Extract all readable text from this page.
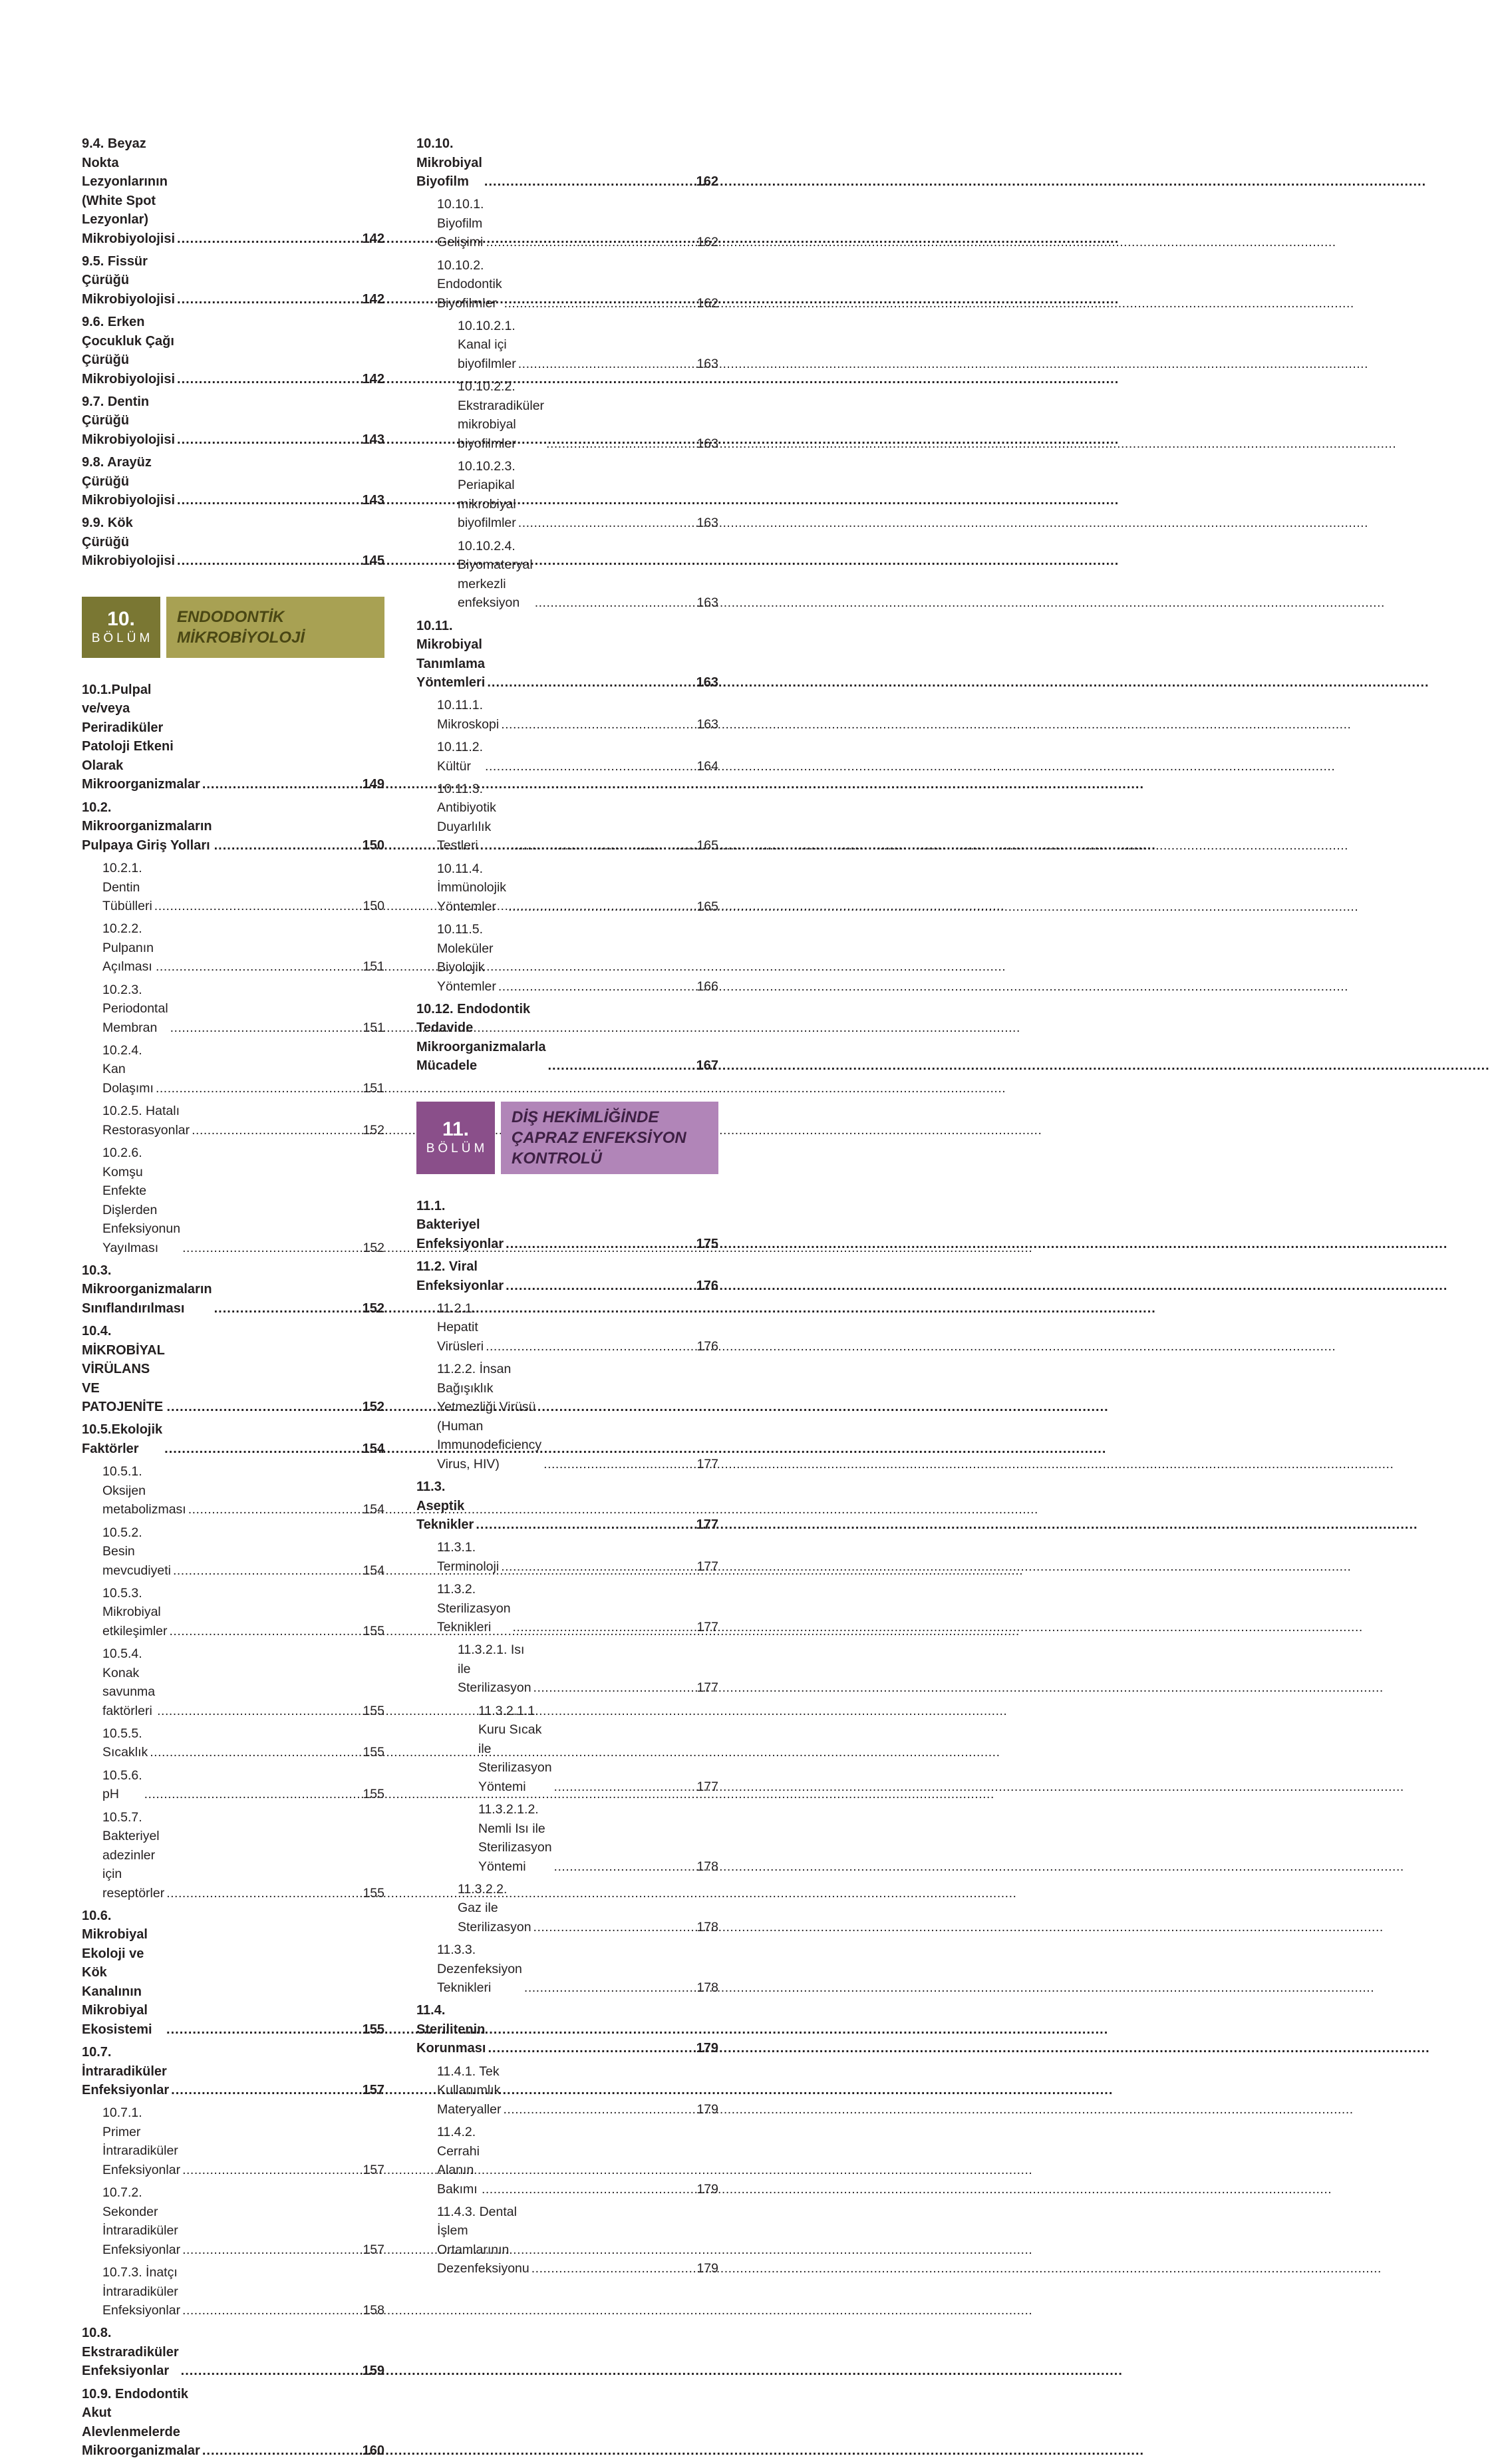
9.4. Beyaz Nokta Lezyonlarının (White Spot Lezyonlar) Mikrobiyolojisi .....	142
9.5. Fissür Çürüğü Mikrobiyolojisi .....	142
9.6. Erken Çocukluk Çağı Çürüğü Mikrobiyolojisi .....	142
9.7. Dentin Çürüğü Mikrobiyolojisi .....	143
9.8. Arayüz Çürüğü Mikrobiyolojisi .....	143
9.9. Kök Çürüğü Mikrobiyolojisi .....	145
10.
BÖLÜM
ENDODONTİK
MİKROBİYOLOJİ
10.1.Pulpal ve/veya Periradiküler Patoloji Etkeni Olarak Mikroorganizmalar .....	149
10.2. Mikroorganizmaların Pulpaya Giriş Yolları .....	150
10.2.1. Dentin Tübülleri .....	150
10.2.2. Pulpanın Açılması .....	151
10.2.3. Periodontal Membran .....	151
10.2.4. Kan Dolaşımı .....	151
10.2.5. Hatalı Restorasyonlar .....	152
10.2.6. Komşu Enfekte Dişlerden Enfeksiyonun Yayılması .....	152
10.3. Mikroorganizmaların Sınıflandırılması .....	152
10.4. MİKROBİYAL VİRÜLANS VE PATOJENİTE .....	152
10.5.Ekolojik Faktörler .....	154
10.5.1. Oksijen metabolizması .....	154
10.5.2. Besin mevcudiyeti .....	154
10.5.3. Mikrobiyal etkileşimler .....	155
10.5.4. Konak savunma faktörleri .....	155
10.5.5. Sıcaklık .....	155
10.5.6. pH .....	155
10.5.7. Bakteriyel adezinler için reseptörler .....	155
10.6. Mikrobiyal Ekoloji ve Kök Kanalının Mikrobiyal Ekosistemi .....	155
10.7. İntraradiküler Enfeksiyonlar .....	157
10.7.1. Primer İntraradiküler Enfeksiyonlar .....	157
10.7.2. Sekonder İntraradiküler Enfeksiyonlar .....	157
10.7.3. İnatçı İntraradiküler Enfeksiyonlar .....	158
10.8. Ekstraradiküler Enfeksiyonlar .....	159
10.9. Endodontik Akut Alevlenmelerde Mikroorganizmalar .....	160
10.10. Mikrobiyal Biyofilm .....	162
10.10.1. Biyofilm Gelişimi .....	162
10.10.2. Endodontik Biyofilmler .....	162
10.10.2.1. Kanal içi biyofilmler .....	163
10.10.2.2. Ekstraradiküler mikrobiyal biyofilmler .....	163
10.10.2.3. Periapikal mikrobiyal biyofilmler .....	163
10.10.2.4. Biyomateryal merkezli enfeksiyon .....	163
10.11. Mikrobiyal Tanımlama Yöntemleri .....	163
10.11.1. Mikroskopi .....	163
10.11.2. Kültür .....	164
10.11.3. Antibiyotik Duyarlılık Testleri .....	165
10.11.4. İmmünolojik Yöntemler .....	165
10.11.5. Moleküler Biyolojik Yöntemler .....	166
10.12. Endodontik Tedavide Mikroorganizmalarla Mücadele .....	167
11.
BÖLÜM
DİŞ HEKİMLİĞİNDE
ÇAPRAZ ENFEKSİYON
KONTROLÜ
11.1. Bakteriyel Enfeksiyonlar .....	175
11.2. Viral Enfeksiyonlar .....	176
11.2.1. Hepatit Virüsleri .....	176
11.2.2. İnsan Bağışıklık Yetmezliği Virüsü (Human Immunodeficiency Virus, HIV) .....	177
11.3. Aseptik Teknikler .....	177
11.3.1. Terminoloji .....	177
11.3.2. Sterilizasyon Teknikleri .....	177
11.3.2.1. Isı ile Sterilizasyon .....	177
11.3.2.1.1. Kuru Sıcak ile Sterilizasyon Yöntemi .....	177
11.3.2.1.2. Nemli Isı ile Sterilizasyon Yöntemi .....	178
11.3.2.2. Gaz ile Sterilizasyon .....	178
11.3.3. Dezenfeksiyon Teknikleri .....	178
11.4. Sterilitenin Korunması .....	179
11.4.1. Tek Kullanımlık Materyaller .....	179
11.4.2. Cerrahi Alanın Bakımı .....	179
11.4.3. Dental İşlem Ortamlarının Dezenfeksiyonu .....	179
